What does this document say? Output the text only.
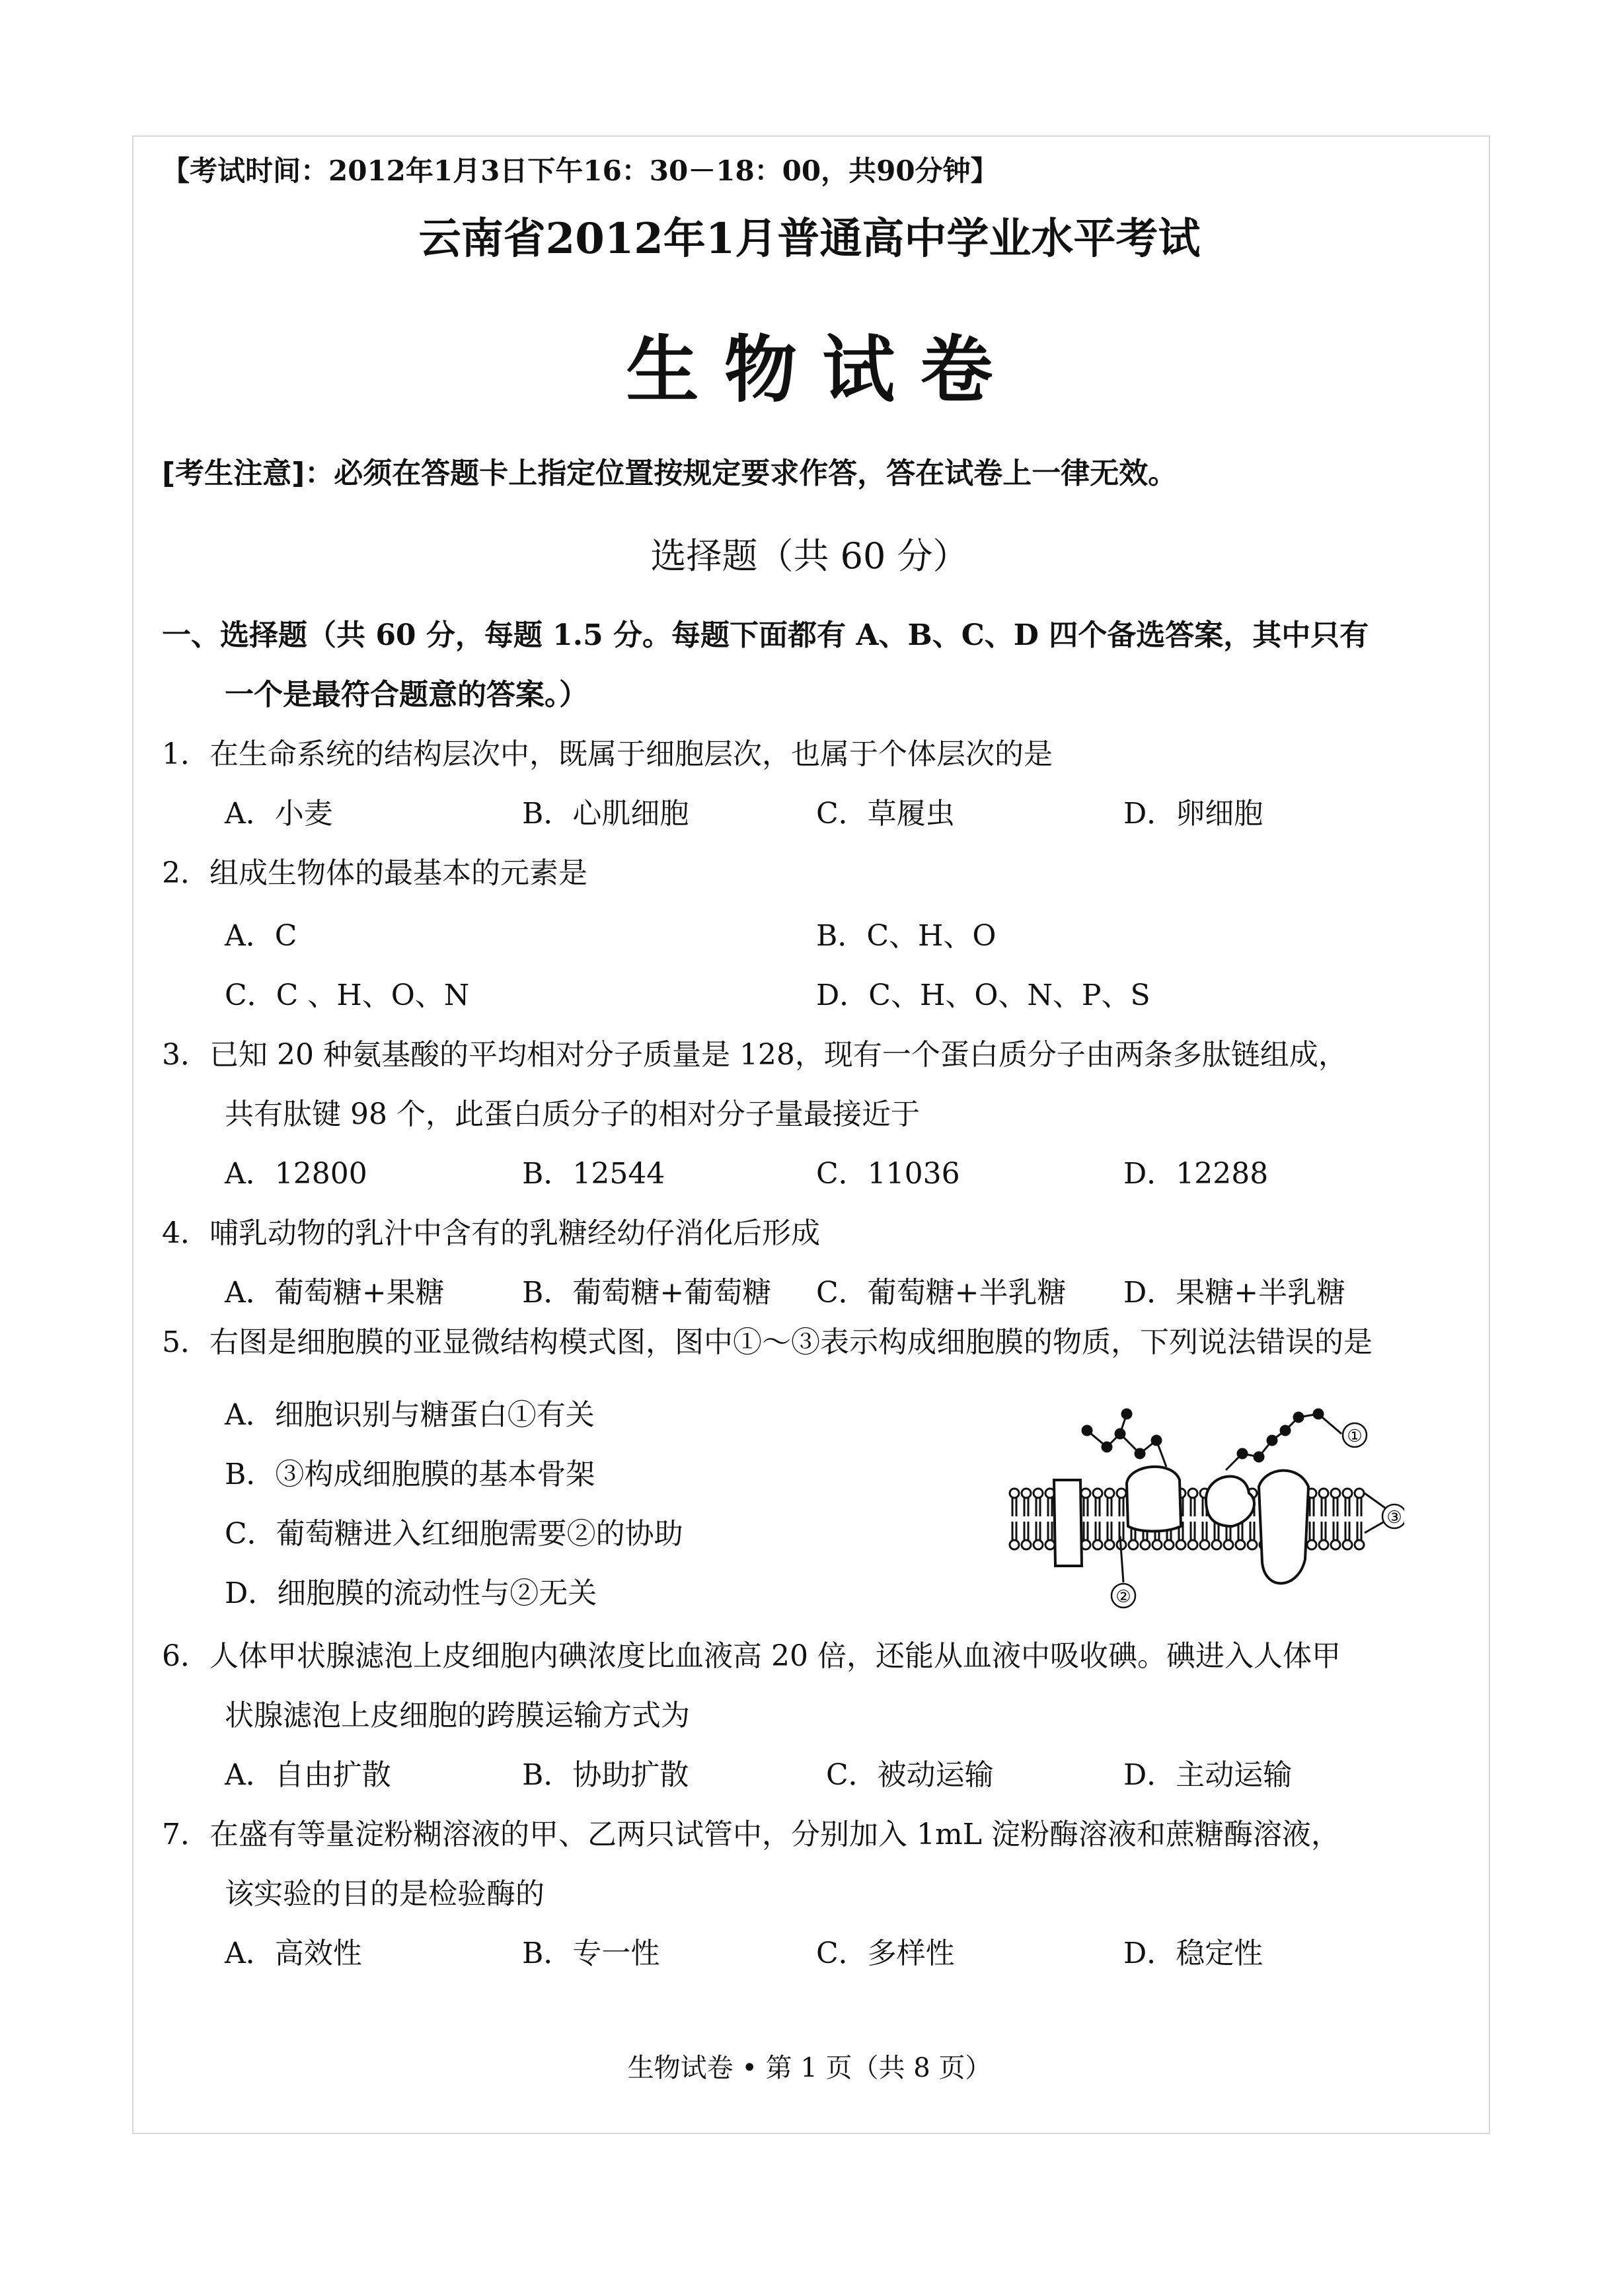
【考试时间：2012年1月3日下午16：30－18：00，共90分钟】
云南省2012年1月普通高中学业水平考试
生 物 试 卷
[考生注意]：必须在答题卡上指定位置按规定要求作答，答在试卷上一律无效。
选择题（共 60 分）
一、选择题（共 60 分，每题 1.5 分。每题下面都有 A、B、C、D 四个备选答案，其中只有
一个是最符合题意的答案。）
1．在生命系统的结构层次中，既属于细胞层次，也属于个体层次的是
A．小麦	B．心肌细胞	C．草履虫	D．卵细胞
2．组成生物体的最基本的元素是
A．C	B．C、H、O
C．C 、H、O、N	D．C、H、O、N、P、S
3．已知 20 种氨基酸的平均相对分子质量是 128，现有一个蛋白质分子由两条多肽链组成，
共有肽键 98 个，此蛋白质分子的相对分子量最接近于
A．12800	B．12544	C．11036	D．12288
4．哺乳动物的乳汁中含有的乳糖经幼仔消化后形成
A．葡萄糖+果糖	B．葡萄糖+葡萄糖 C．葡萄糖+半乳糖 D．果糖+半乳糖
5．右图是细胞膜的亚显微结构模式图，图中①～③表示构成细胞膜的物质，下列说法错误的是
A．细胞识别与糖蛋白①有关
B．③构成细胞膜的基本骨架
C．葡萄糖进入红细胞需要②的协助
D．细胞膜的流动性与②无关
①
③
②
6．人体甲状腺滤泡上皮细胞内碘浓度比血液高 20 倍，还能从血液中吸收碘。碘进入人体甲
状腺滤泡上皮细胞的跨膜运输方式为
A．自由扩散	B．协助扩散	C．被动运输	D．主动运输
7．在盛有等量淀粉糊溶液的甲、乙两只试管中，分别加入 1mL 淀粉酶溶液和蔗糖酶溶液，
该实验的目的是检验酶的
A．高效性	B．专一性	C．多样性	D．稳定性
生物试卷 • 第 1 页（共 8 页）
